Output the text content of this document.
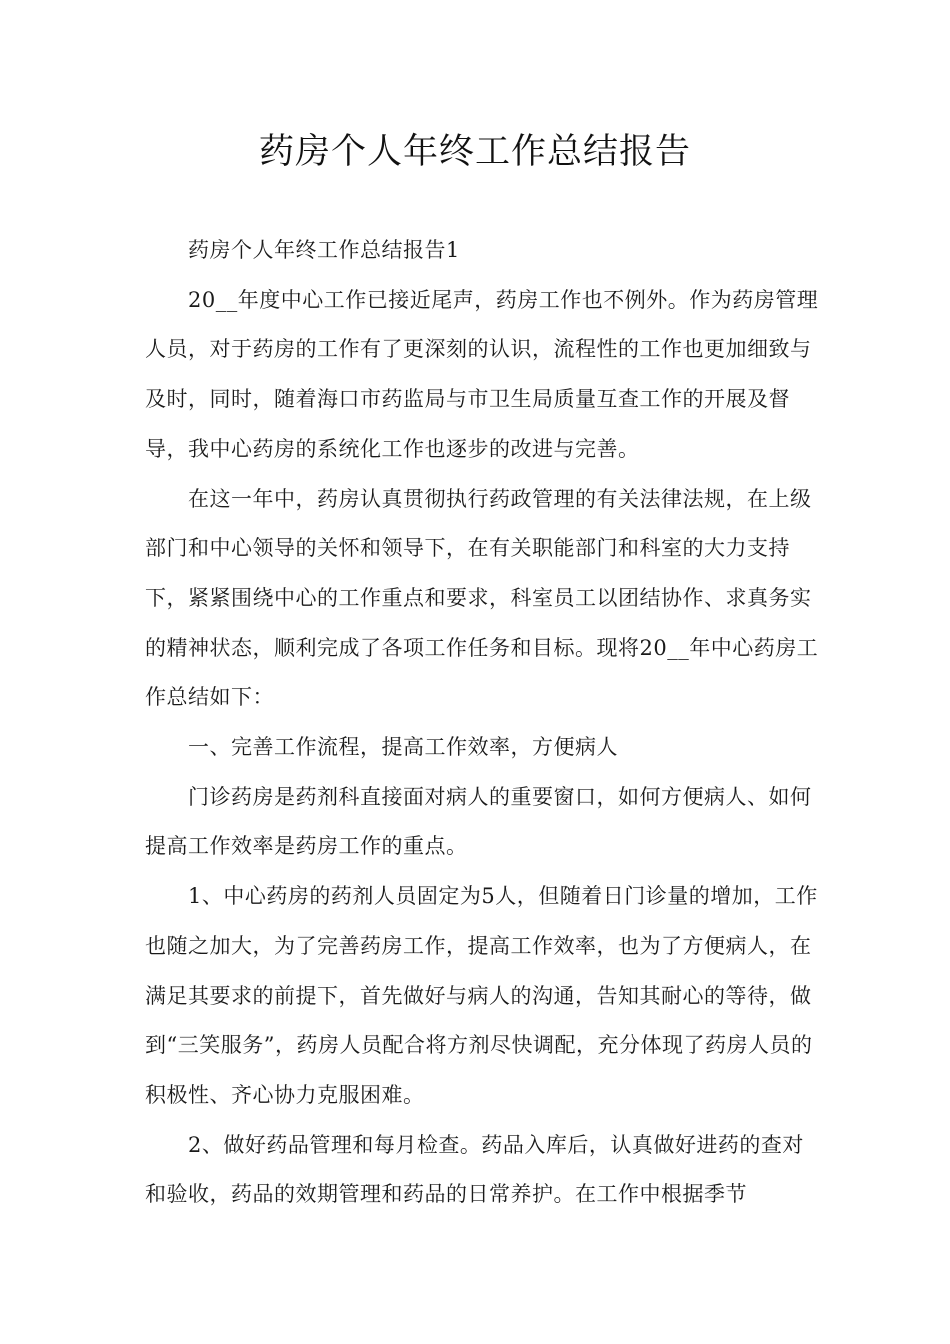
药房个人年终工作总结报告

药房个人年终工作总结报告1

20__年度中心工作已接近尾声，药房工作也不例外。作为药房管理人员，对于药房的工作有了更深刻的认识，流程性的工作也更加细致与及时，同时，随着海口市药监局与市卫生局质量互查工作的开展及督导，我中心药房的系统化工作也逐步的改进与完善。

在这一年中，药房认真贯彻执行药政管理的有关法律法规，在上级部门和中心领导的关怀和领导下，在有关职能部门和科室的大力支持下，紧紧围绕中心的工作重点和要求，科室员工以团结协作、求真务实的精神状态，顺利完成了各项工作任务和目标。现将20__年中心药房工作总结如下：

一、完善工作流程，提高工作效率，方便病人

门诊药房是药剂科直接面对病人的重要窗口，如何方便病人、如何提高工作效率是药房工作的重点。

1、中心药房的药剂人员固定为5人，但随着日门诊量的增加，工作也随之加大，为了完善药房工作，提高工作效率，也为了方便病人，在满足其要求的前提下，首先做好与病人的沟通，告知其耐心的等待，做到“三笑服务”，药房人员配合将方剂尽快调配，充分体现了药房人员的积极性、齐心协力克服困难。

2、做好药品管理和每月检查。药品入库后，认真做好进药的查对和验收，药品的效期管理和药品的日常养护。在工作中根据季节
